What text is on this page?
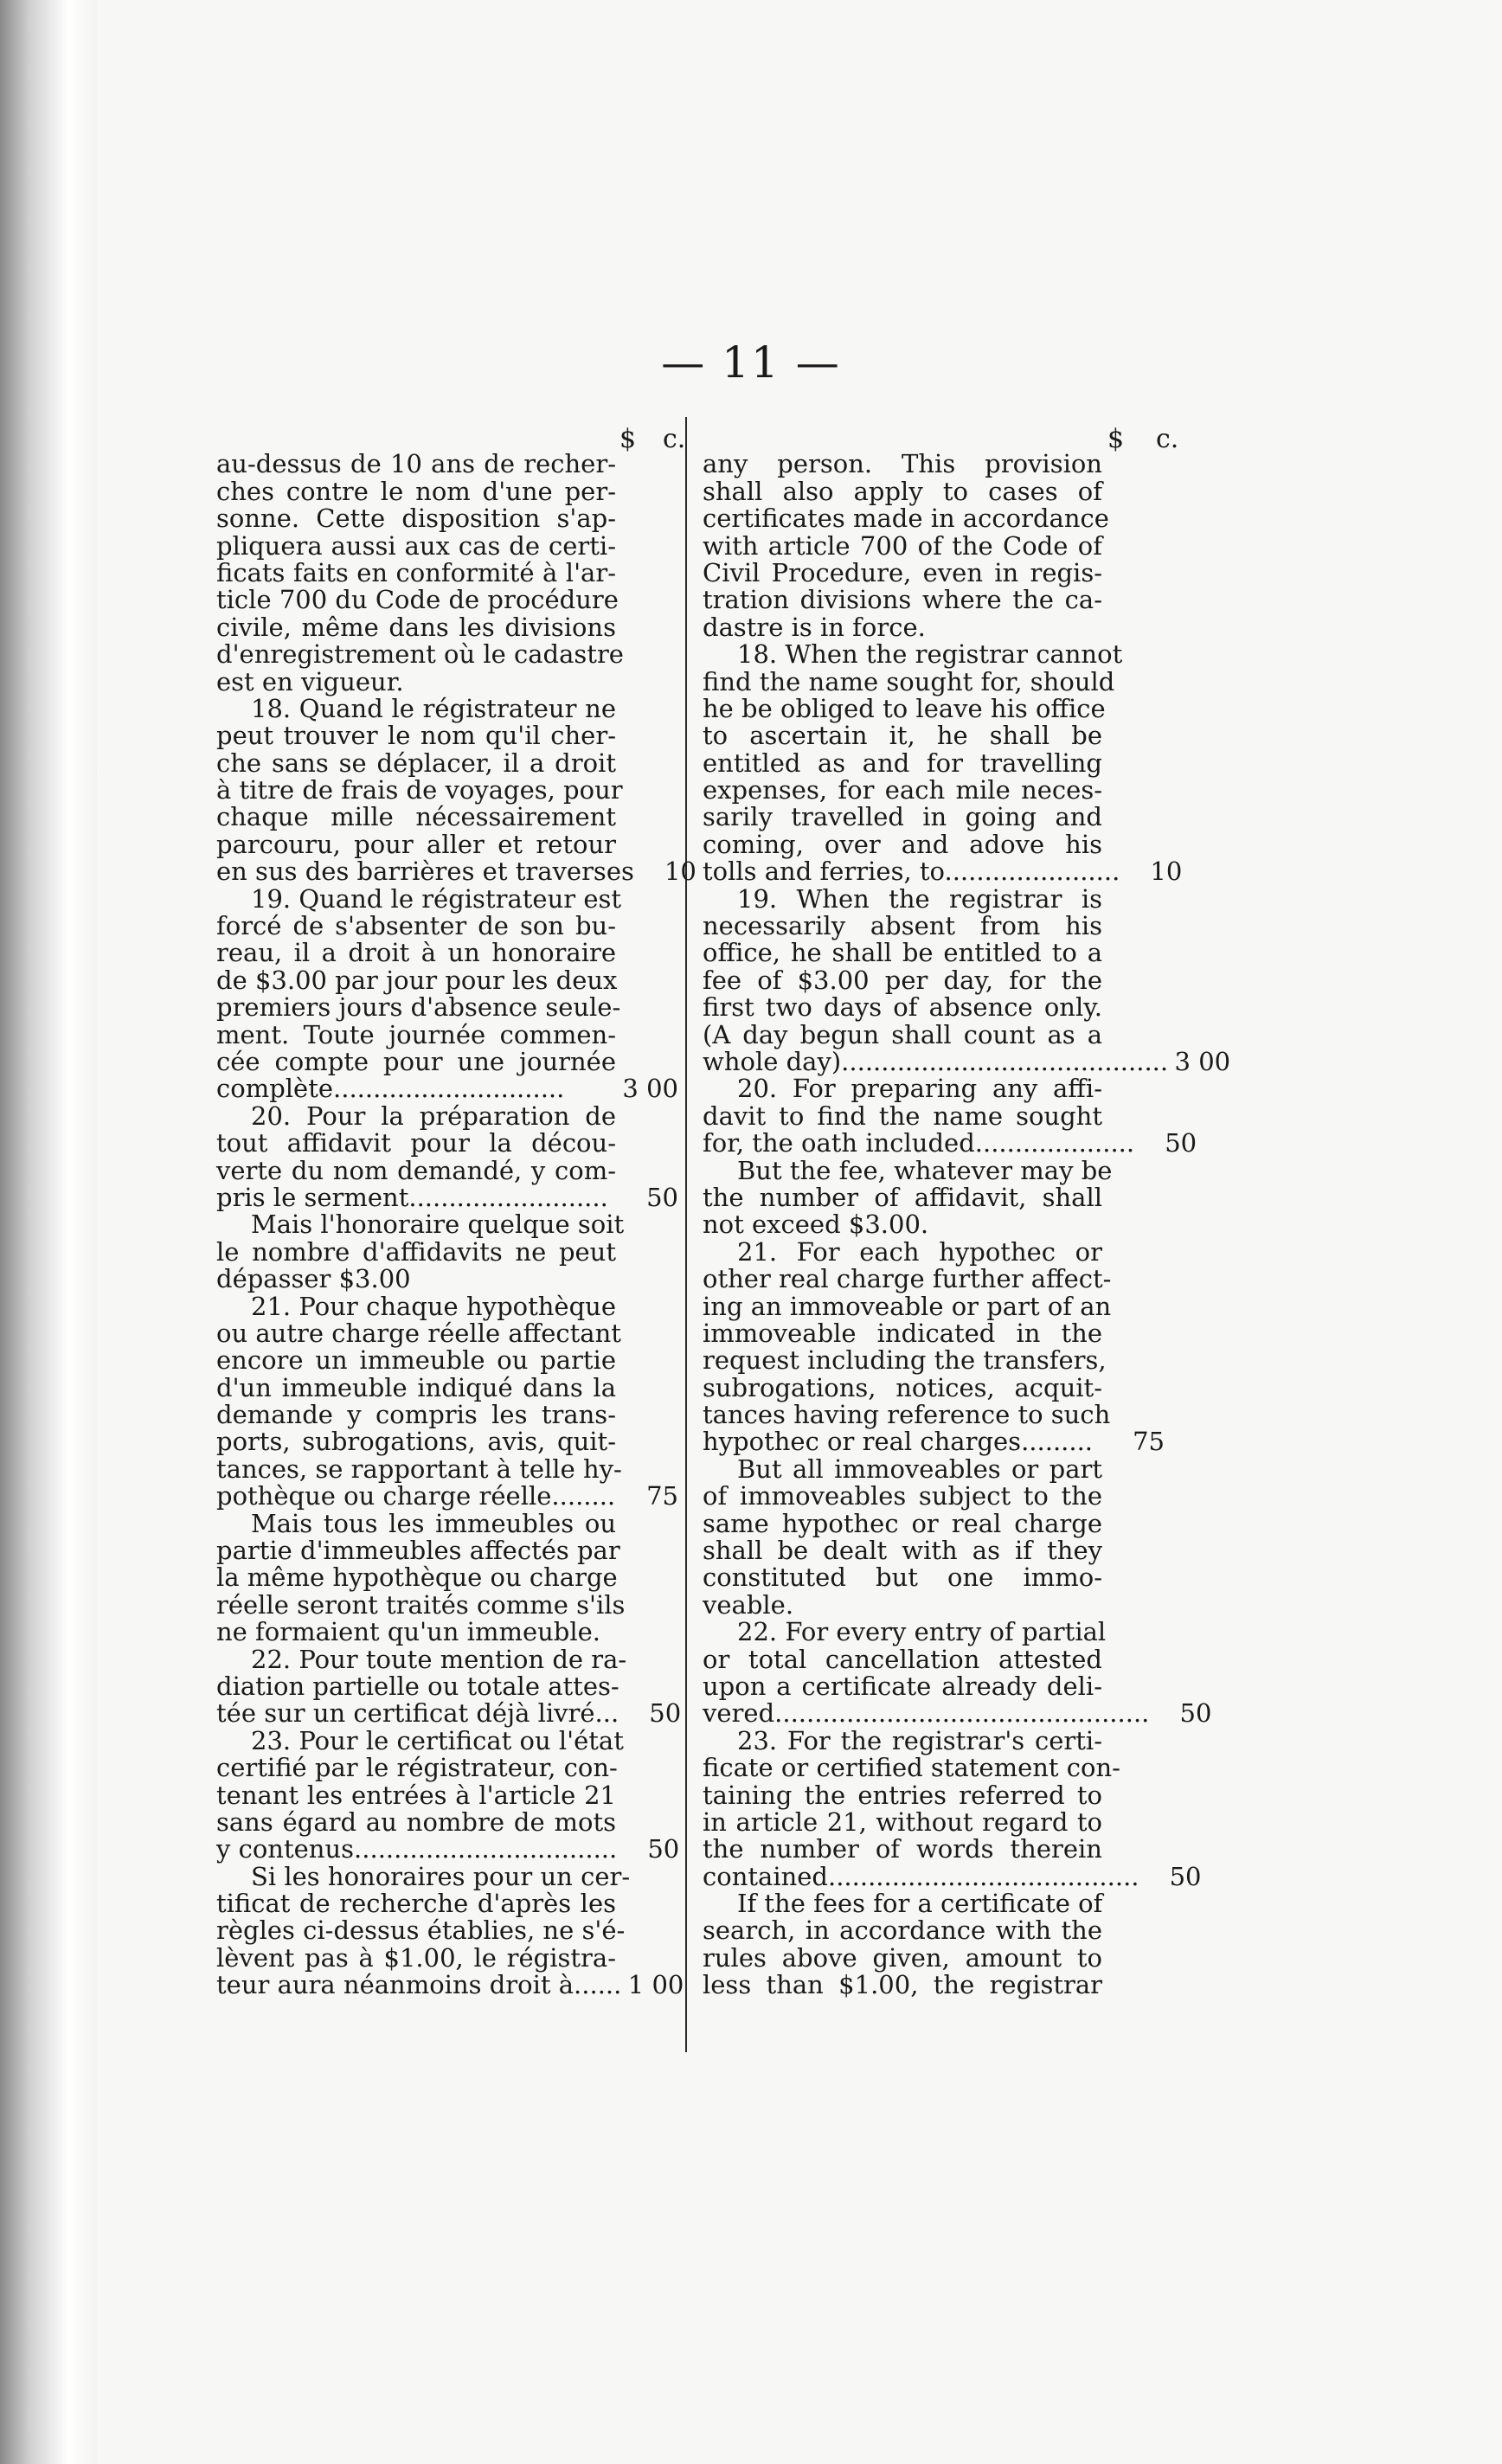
— 11 —
$ c.	$ c.
au-dessus de 10 ans de recher-
ches contre le nom d'une per-
sonne. Cette disposition s'ap-
pliquera aussi aux cas de certi-
ficats faits en conformité à l'ar-
ticle 700 du Code de procédure
civile, même dans les divisions
d'enregistrement où le cadastre
est en vigueur.
18. Quand le régistrateur ne
peut trouver le nom qu'il cher-
che sans se déplacer, il a droit
à titre de frais de voyages, pour
chaque mille nécessairement
parcouru, pour aller et retour
en sus des barrières et traverses	10
19. Quand le régistrateur est
forcé de s'absenter de son bu-
reau, il a droit à un honoraire
de $3.00 par jour pour les deux
premiers jours d'absence seule-
ment. Toute journée commen-
cée compte pour une journée
complète.............................	3 00
20. Pour la préparation de
tout affidavit pour la décou-
verte du nom demandé, y com-
pris le serment.........................	50
Mais l'honoraire quelque soit
le nombre d'affidavits ne peut
dépasser $3.00
21. Pour chaque hypothèque
ou autre charge réelle affectant
encore un immeuble ou partie
d'un immeuble indiqué dans la
demande y compris les trans-
ports, subrogations, avis, quit-
tances, se rapportant à telle hy-
pothèque ou charge réelle........	75
Mais tous les immeubles ou
partie d'immeubles affectés par
la même hypothèque ou charge
réelle seront traités comme s'ils
ne formaient qu'un immeuble.
22. Pour toute mention de ra-
diation partielle ou totale attes-
tée sur un certificat déjà livré...	50
23. Pour le certificat ou l'état
certifié par le régistrateur, con-
tenant les entrées à l'article 21
sans égard au nombre de mots
y contenus.................................	50
Si les honoraires pour un cer-
tificat de recherche d'après les
règles ci-dessus établies, ne s'é-
lèvent pas à $1.00, le régistra-
teur aura néanmoins droit à...... 1 00
any person. This provision
shall also apply to cases of
certificates made in accordance
with article 700 of the Code of
Civil Procedure, even in regis-
tration divisions where the ca-
dastre is in force.
18. When the registrar cannot
find the name sought for, should
he be obliged to leave his office
to ascertain it, he shall be
entitled as and for travelling
expenses, for each mile neces-
sarily travelled in going and
coming, over and adove his
tolls and ferries, to......................	10
19. When the registrar is
necessarily absent from his
office, he shall be entitled to a
fee of $3.00 per day, for the
first two days of absence only.
(A day begun shall count as a
whole day)......................................... 3 00
20. For preparing any affi-
davit to find the name sought
for, the oath included....................	50
But the fee, whatever may be
the number of affidavit, shall
not exceed $3.00.
21. For each hypothec or
other real charge further affect-
ing an immoveable or part of an
immoveable indicated in the
request including the transfers,
subrogations, notices, acquit-
tances having reference to such
hypothec or real charges.........	75
But all immoveables or part
of immoveables subject to the
same hypothec or real charge
shall be dealt with as if they
constituted but one immo-
veable.
22. For every entry of partial
or total cancellation attested
upon a certificate already deli-
vered...............................................	50
23. For the registrar's certi-
ficate or certified statement con-
taining the entries referred to
in article 21, without regard to
the number of words therein
contained.......................................	50
If the fees for a certificate of
search, in accordance with the
rules above given, amount to
less than $1.00, the registrar
